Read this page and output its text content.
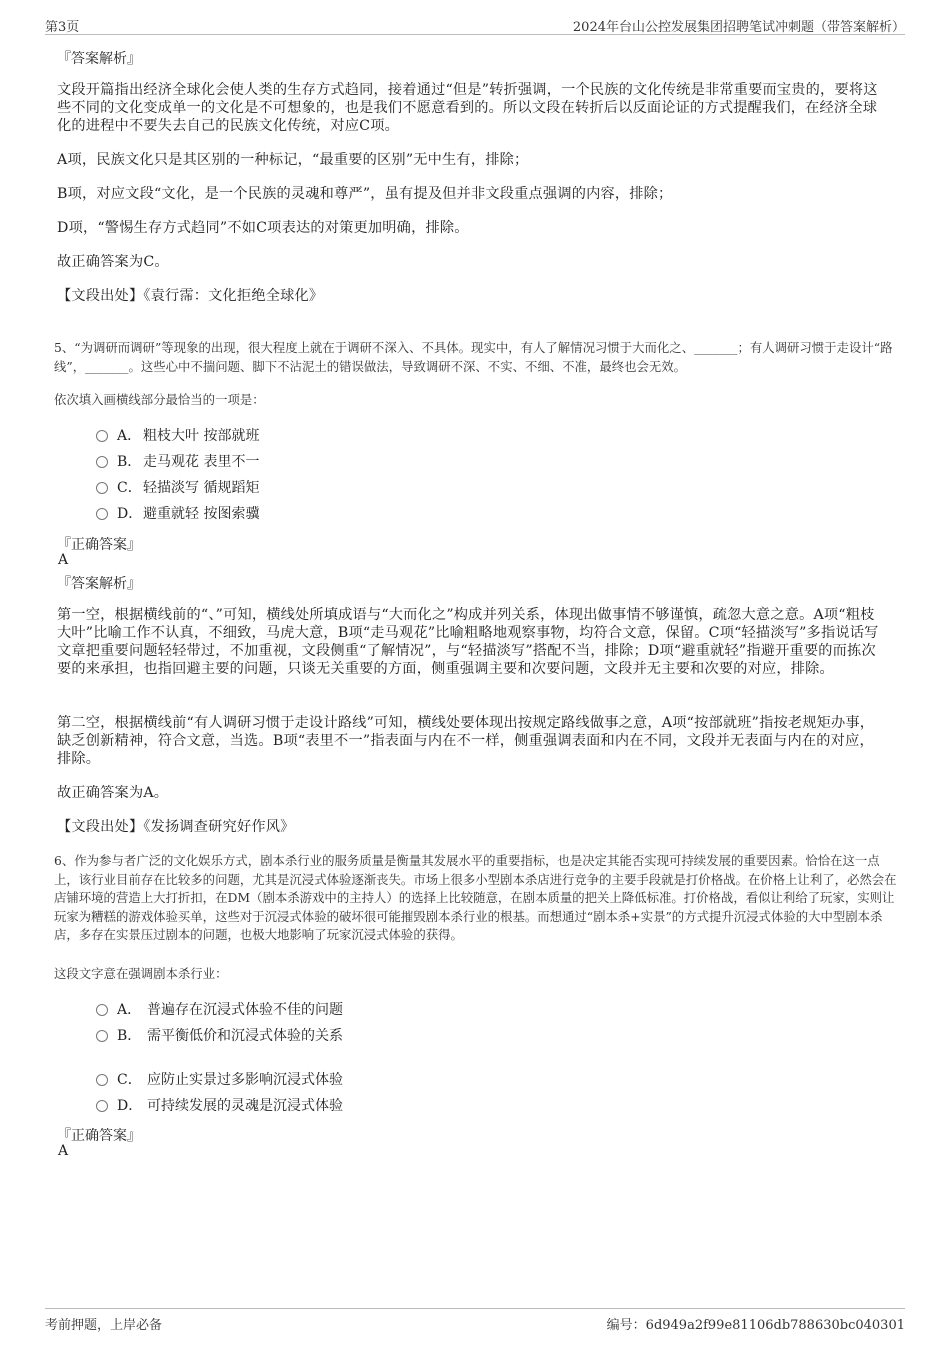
第3页	2024年台山公控发展集团招聘笔试冲刺题（带答案解析）
『答案解析』
文段开篇指出经济全球化会使人类的生存方式趋同，接着通过“但是”转折强调，一个民族的文化传统是非常重要而宝贵的，要将这些不同的文化变成单一的文化是不可想象的，也是我们不愿意看到的。所以文段在转折后以反面论证的方式提醒我们，在经济全球化的进程中不要失去自己的民族文化传统，对应C项。
A项，民族文化只是其区别的一种标记，“最重要的区别”无中生有，排除；
B项，对应文段“文化，是一个民族的灵魂和尊严”，虽有提及但并非文段重点强调的内容，排除；
D项，“警惕生存方式趋同”不如C项表达的对策更加明确，排除。
故正确答案为C。
【文段出处】《袁行霈：文化拒绝全球化》
5、“为调研而调研”等现象的出现，很大程度上就在于调研不深入、不具体。现实中，有人了解情况习惯于大而化之、_______；有人调研习惯于走设计“路线”，_______。这些心中不揣问题、脚下不沾泥土的错误做法，导致调研不深、不实、不细、不准，最终也会无效。
依次填入画横线部分最恰当的一项是：
A． 粗枝大叶 按部就班
B． 走马观花 表里不一
C．轻描淡写 循规蹈矩
D．避重就轻 按图索骥
『正确答案』
A
『答案解析』
第一空，根据横线前的“、”可知，横线处所填成语与“大而化之”构成并列关系，体现出做事情不够谨慎，疏忽大意之意。A项“粗枝大叶”比喻工作不认真，不细致，马虎大意，B项“走马观花”比喻粗略地观察事物，均符合文意，保留。C项“轻描淡写”多指说话写文章把重要问题轻轻带过，不加重视，文段侧重“了解情况”，与“轻描淡写”搭配不当，排除；D项“避重就轻”指避开重要的而拣次要的来承担，也指回避主要的问题，只谈无关重要的方面，侧重强调主要和次要问题，文段并无主要和次要的对应，排除。
第二空，根据横线前“有人调研习惯于走设计路线”可知，横线处要体现出按规定路线做事之意，A项“按部就班”指按老规矩办事，缺乏创新精神，符合文意，当选。B项“表里不一”指表面与内在不一样，侧重强调表面和内在不同，文段并无表面与内在的对应，排除。
故正确答案为A。
【文段出处】《发扬调查研究好作风》
6、作为参与者广泛的文化娱乐方式，剧本杀行业的服务质量是衡量其发展水平的重要指标，也是决定其能否实现可持续发展的重要因素。恰恰在这一点上，该行业目前存在比较多的问题，尤其是沉浸式体验逐渐丧失。市场上很多小型剧本杀店进行竞争的主要手段就是打价格战。在价格上让利了，必然会在店铺环境的营造上大打折扣，在DM（剧本杀游戏中的主持人）的选择上比较随意，在剧本质量的把关上降低标准。打价格战，看似让利给了玩家，实则让玩家为糟糕的游戏体验买单，这些对于沉浸式体验的破坏很可能摧毁剧本杀行业的根基。而想通过“剧本杀+实景”的方式提升沉浸式体验的大中型剧本杀店，多存在实景压过剧本的问题，也极大地影响了玩家沉浸式体验的获得。
这段文字意在强调剧本杀行业：
A． 普遍存在沉浸式体验不佳的问题
B． 需平衡低价和沉浸式体验的关系
C． 应防止实景过多影响沉浸式体验
D． 可持续发展的灵魂是沉浸式体验
『正确答案』
A
考前押题，上岸必备	编号：6d949a2f99e81106db788630bc040301
